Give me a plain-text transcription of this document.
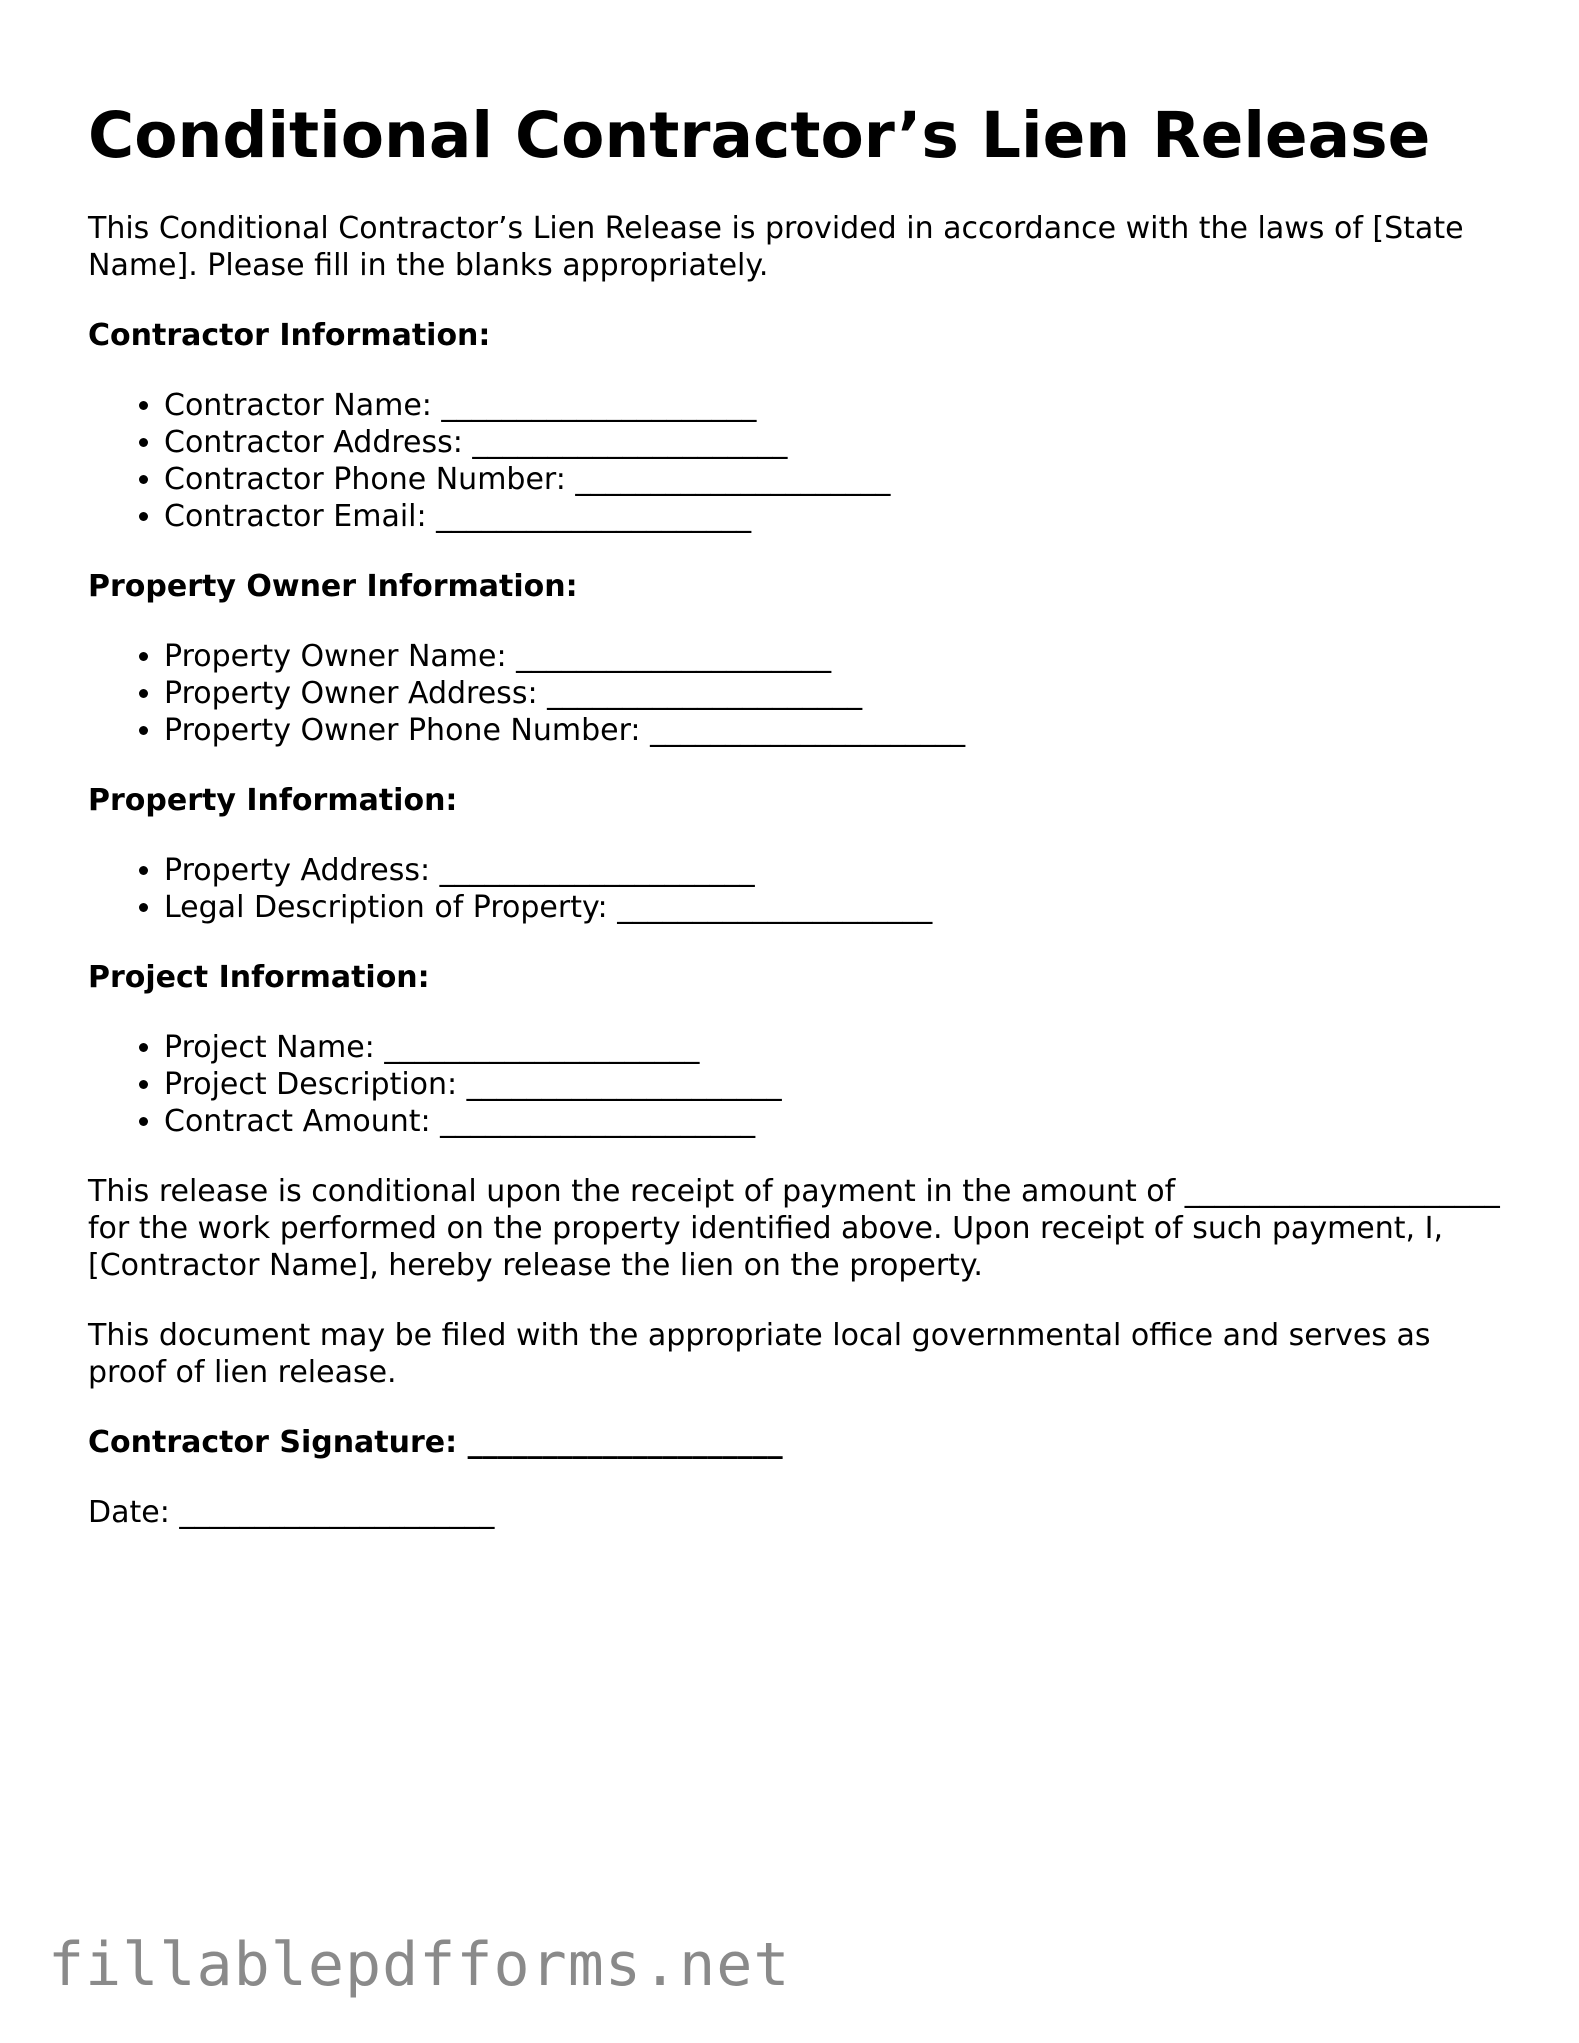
Conditional Contractor’s Lien Release

This Conditional Contractor’s Lien Release is provided in accordance with the laws of [State Name]. Please fill in the blanks appropriately.

Contractor Information:
• Contractor Name: _____________________
• Contractor Address: _____________________
• Contractor Phone Number: _____________________
• Contractor Email: _____________________
Property Owner Information:
• Property Owner Name: _____________________
• Property Owner Address: _____________________
• Property Owner Phone Number: _____________________
Property Information:
• Property Address: _____________________
• Legal Description of Property: _____________________
Project Information:
• Project Name: _____________________
• Project Description: _____________________
• Contract Amount: _____________________

This release is conditional upon the receipt of payment in the amount of _____________________ for the work performed on the property identified above. Upon receipt of such payment, I, [Contractor Name], hereby release the lien on the property.

This document may be filed with the appropriate local governmental office and serves as proof of lien release.

Contractor Signature: _____________________

Date: _____________________

fillablepdfforms.net
